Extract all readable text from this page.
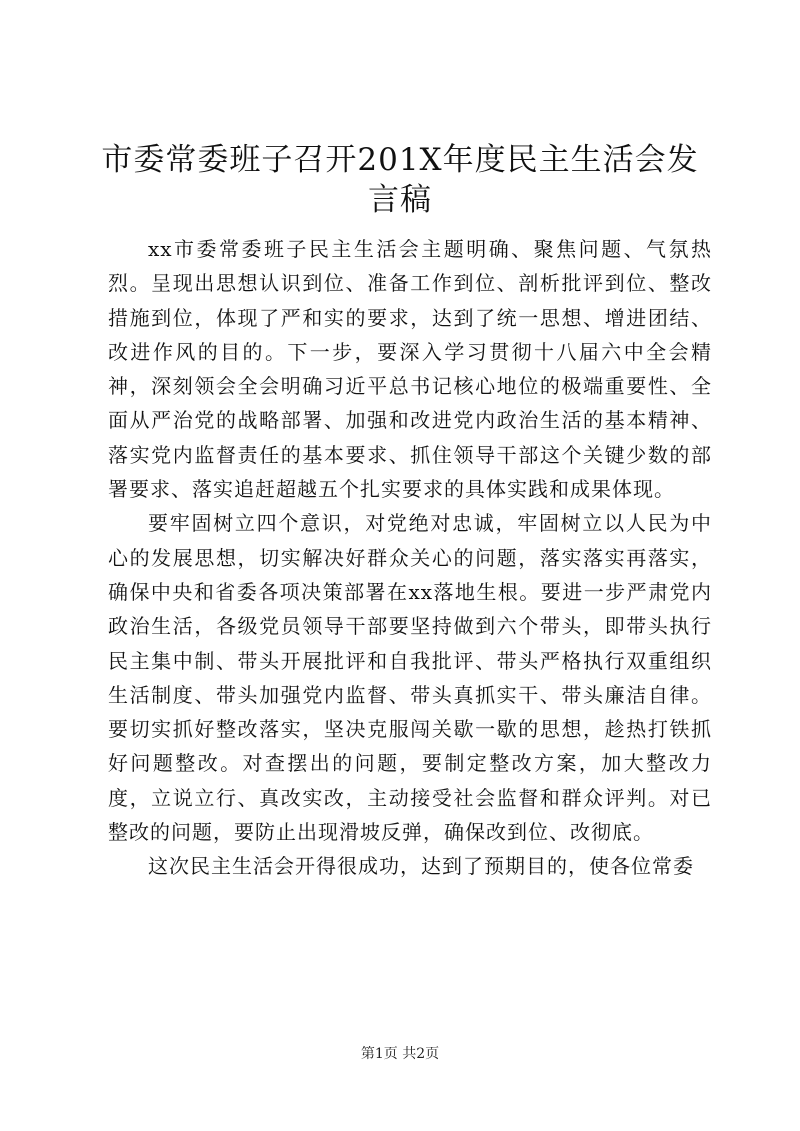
市委常委班子召开201X年度民主生活会发言稿

xx市委常委班子民主生活会主题明确、聚焦问题、气氛热烈。呈现出思想认识到位、准备工作到位、剖析批评到位、整改措施到位，体现了严和实的要求，达到了统一思想、增进团结、改进作风的目的。下一步，要深入学习贯彻十八届六中全会精神，深刻领会全会明确习近平总书记核心地位的极端重要性、全面从严治党的战略部署、加强和改进党内政治生活的基本精神、落实党内监督责任的基本要求、抓住领导干部这个关键少数的部署要求、落实追赶超越五个扎实要求的具体实践和成果体现。

要牢固树立四个意识，对党绝对忠诚，牢固树立以人民为中心的发展思想，切实解决好群众关心的问题，落实落实再落实，确保中央和省委各项决策部署在xx落地生根。要进一步严肃党内政治生活，各级党员领导干部要坚持做到六个带头，即带头执行民主集中制、带头开展批评和自我批评、带头严格执行双重组织生活制度、带头加强党内监督、带头真抓实干、带头廉洁自律。要切实抓好整改落实，坚决克服闯关歇一歇的思想，趁热打铁抓好问题整改。对查摆出的问题，要制定整改方案，加大整改力度，立说立行、真改实改，主动接受社会监督和群众评判。对已整改的问题，要防止出现滑坡反弹，确保改到位、改彻底。

这次民主生活会开得很成功，达到了预期目的，使各位常委

第1页 共2页
